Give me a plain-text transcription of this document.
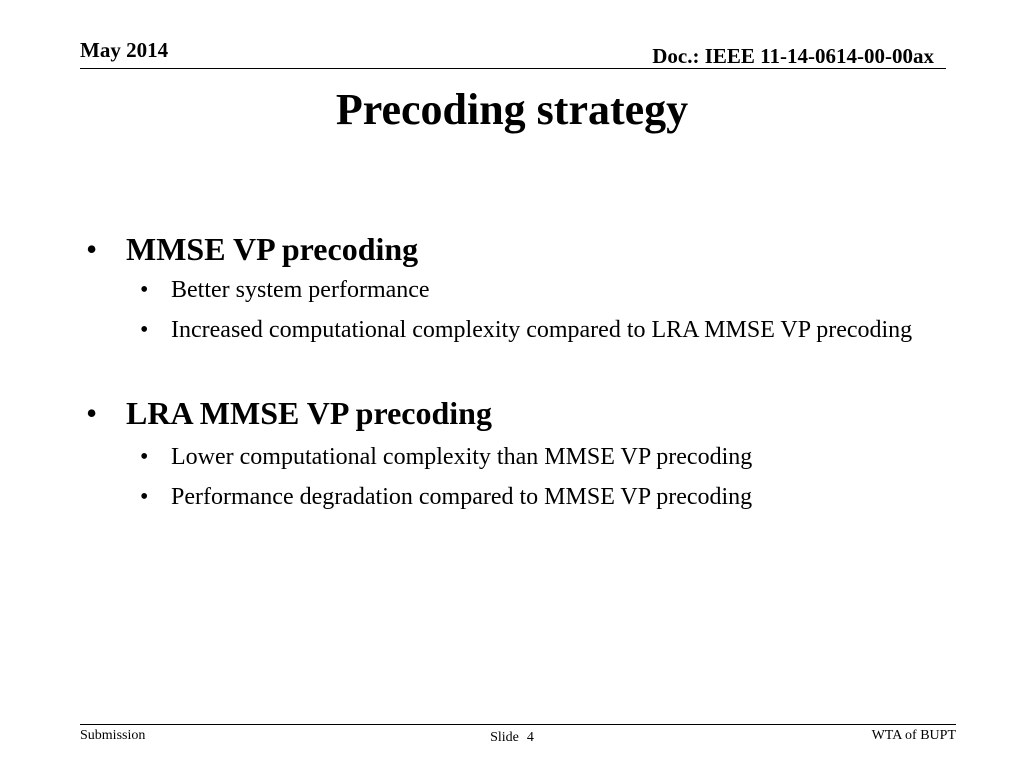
May 2014	Doc.: IEEE 11-14-0614-00-00ax
Precoding strategy
• MMSE VP precoding
• Better system performance
• Increased computational complexity compared to LRA MMSE VP precoding
• LRA MMSE VP precoding
• Lower computational complexity than MMSE VP precoding
• Performance degradation compared to MMSE VP precoding
Submission	Slide 4	WTA of BUPT
